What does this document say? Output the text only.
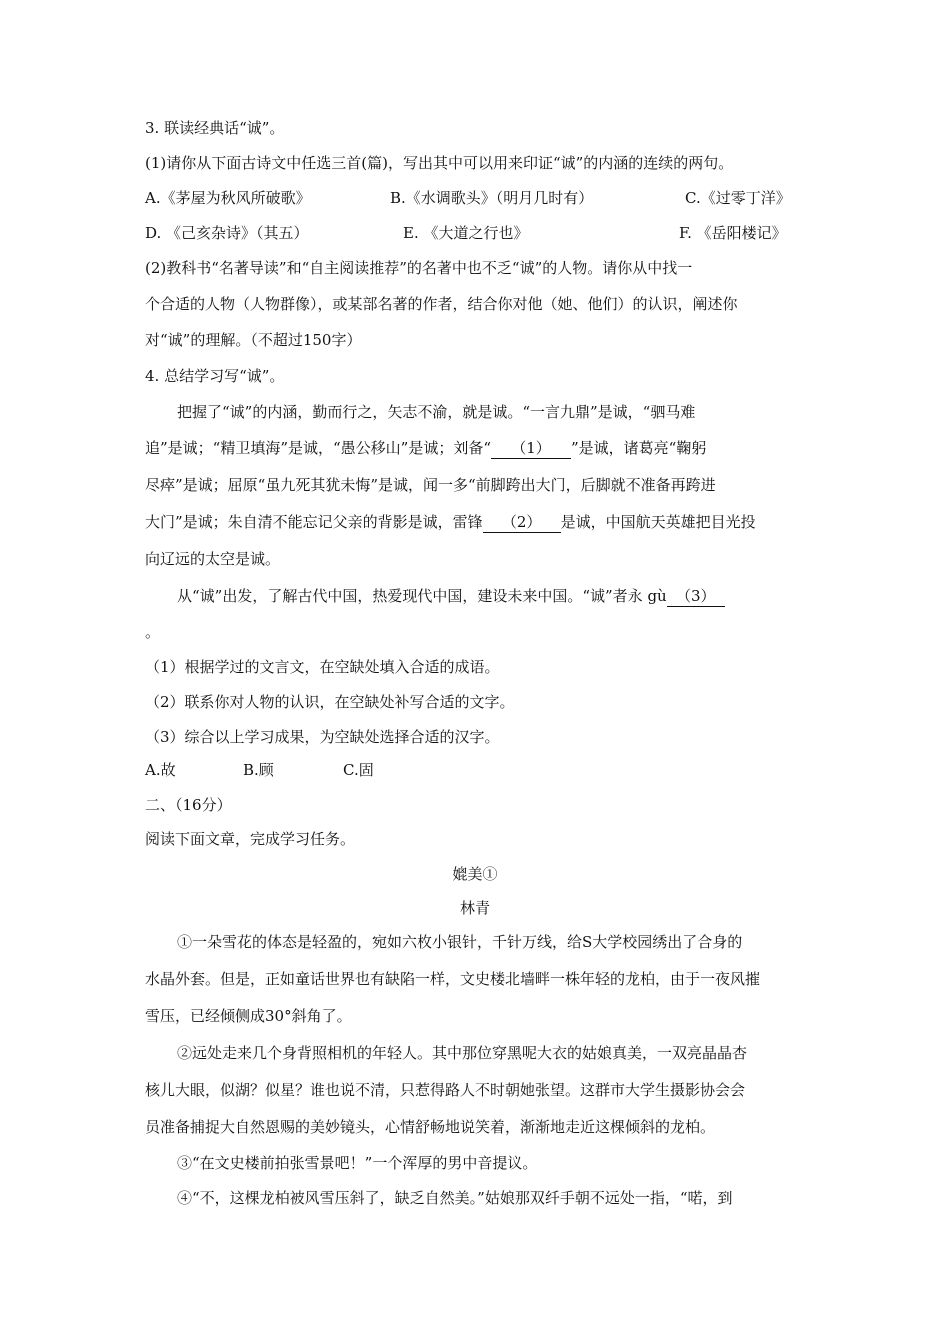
3. 联读经典话“诚”。
(1)请你从下面古诗文中任选三首(篇)，写出其中可以用来印证“诚”的内涵的连续的两句。
A.《茅屋为秋风所破歌》	B.《水调歌头》（明月几时有）	C.《过零丁洋》
D. 《己亥杂诗》（其五）	E. 《大道之行也》	F. 《岳阳楼记》
(2)教科书“名著导读”和“自主阅读推荐”的名著中也不乏“诚”的人物。请你从中找一
个合适的人物（人物群像），或某部名著的作者，结合你对他（她、他们）的认识，阐述你
对“诚”的理解。（不超过150字）
4. 总结学习写“诚”。
把握了“诚”的内涵，勤而行之，矢志不渝，就是诚。“一言九鼎”是诚，“驷马难
追”是诚；“精卫填海”是诚，“愚公移山”是诚；刘备“ （1） ”是诚，诸葛亮“鞠躬
尽瘁”是诚；屈原“虽九死其犹未悔”是诚，闻一多“前脚跨出大门，后脚就不准备再跨进
大门”是诚；朱自清不能忘记父亲的背影是诚，雷锋 （2） 是诚，中国航天英雄把目光投
向辽远的太空是诚。
从“诚”出发，了解古代中国，热爱现代中国，建设未来中国。“诚”者永 gù （3）
。
（1）根据学过的文言文，在空缺处填入合适的成语。
（2）联系你对人物的认识，在空缺处补写合适的文字。
（3）综合以上学习成果，为空缺处选择合适的汉字。
A.故	B.顾	C.固
二、（16分）
阅读下面文章，完成学习任务。
媲美①
林青
①一朵雪花的体态是轻盈的，宛如六枚小银针，千针万线，给S大学校园绣出了合身的
水晶外套。但是，正如童话世界也有缺陷一样，文史楼北墙畔一株年轻的龙柏，由于一夜风摧
雪压，已经倾侧成30°斜角了。
②远处走来几个身背照相机的年轻人。其中那位穿黑呢大衣的姑娘真美，一双亮晶晶杏
核儿大眼，似湖？似星？谁也说不清，只惹得路人不时朝她张望。这群市大学生摄影协会会
员准备捕捉大自然恩赐的美妙镜头，心情舒畅地说笑着，渐渐地走近这棵倾斜的龙柏。
③“在文史楼前拍张雪景吧！”一个浑厚的男中音提议。
④“不，这棵龙柏被风雪压斜了，缺乏自然美。”姑娘那双纤手朝不远处一指，“喏，到
